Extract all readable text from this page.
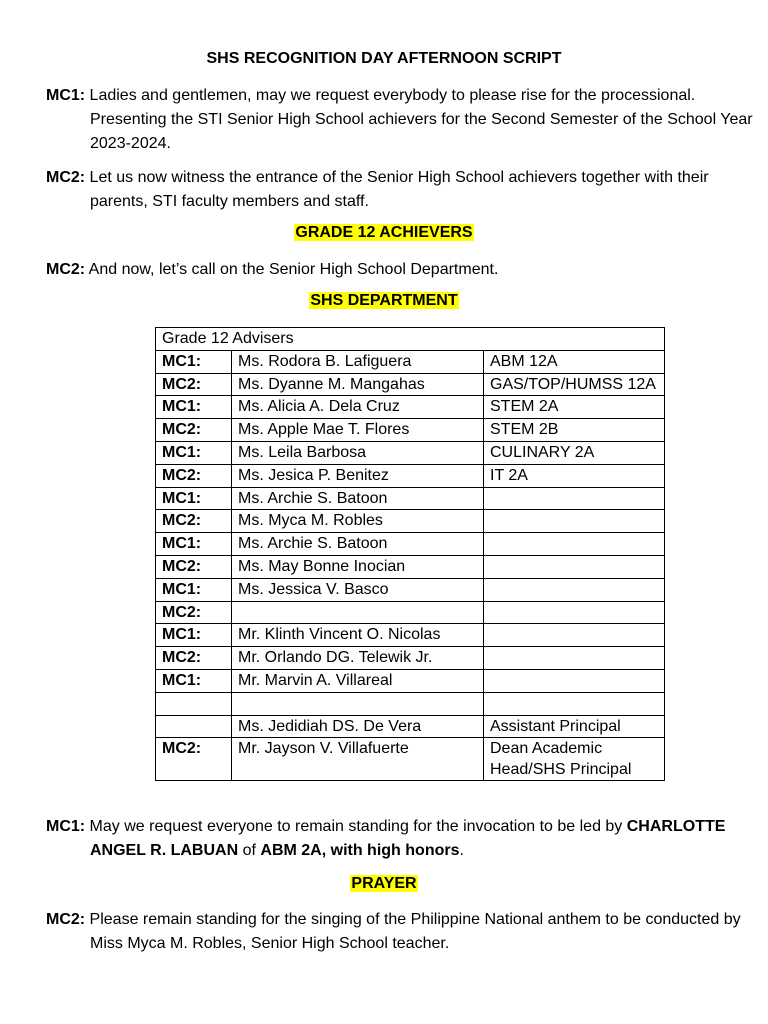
SHS RECOGNITION DAY AFTERNOON SCRIPT
MC1: Ladies and gentlemen, may we request everybody to please rise for the processional. Presenting the STI Senior High School achievers for the Second Semester of the School Year 2023-2024.
MC2: Let us now witness the entrance of the Senior High School achievers together with their parents, STI faculty members and staff.
GRADE 12 ACHIEVERS
MC2: And now, let’s call on the Senior High School Department.
SHS DEPARTMENT
Grade 12 Advisers		
MC1:	Ms. Rodora B. Lafiguera	ABM 12A
MC2:	Ms. Dyanne M. Mangahas	GAS/TOP/HUMSS 12A
MC1:	Ms. Alicia A. Dela Cruz	STEM 2A
MC2:	Ms. Apple Mae T. Flores	STEM 2B
MC1:	Ms. Leila Barbosa	CULINARY 2A
MC2:	Ms. Jesica P. Benitez	IT 2A
MC1:	Ms. Archie S. Batoon	
MC2:	Ms. Myca M. Robles	
MC1:	Ms. Archie S. Batoon	
MC2:	Ms. May Bonne Inocian	
MC1:	Ms. Jessica V. Basco	
MC2:		
MC1:	Mr. Klinth Vincent O. Nicolas	
MC2:	Mr. Orlando DG. Telewik Jr.	
MC1:	Mr. Marvin A. Villareal	

	Ms. Jedidiah DS. De Vera	Assistant Principal
MC2:	Mr. Jayson V. Villafuerte	Dean Academic Head/SHS Principal
MC1: May we request everyone to remain standing for the invocation to be led by CHARLOTTE ANGEL R. LABUAN of ABM 2A, with high honors.
PRAYER
MC2: Please remain standing for the singing of the Philippine National anthem to be conducted by Miss Myca M. Robles, Senior High School teacher.
